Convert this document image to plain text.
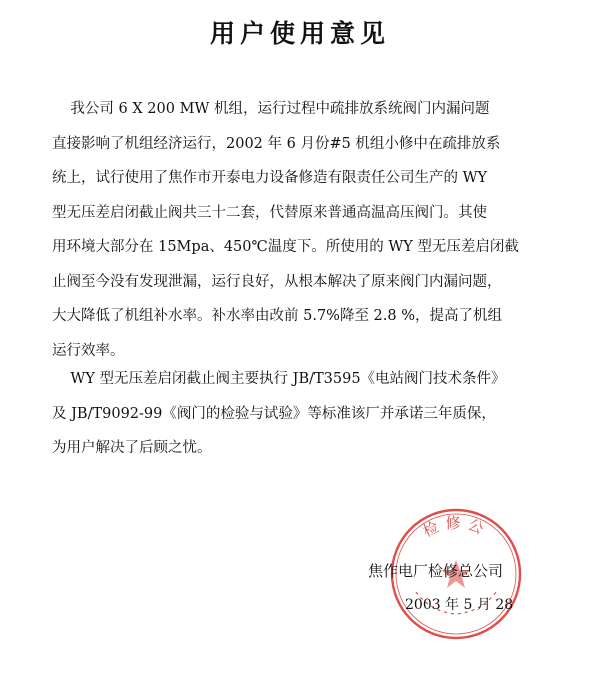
用户使用意见
我公司 6 X 200 MW 机组，运行过程中疏排放系统阀门内漏问题
直接影响了机组经济运行，2002 年 6 月份#5 机组小修中在疏排放系
统上，试行使用了焦作市开泰电力设备修造有限责任公司生产的 WY
型无压差启闭截止阀共三十二套，代替原来普通高温高压阀门。其使
用环境大部分在 15Mpa、450℃温度下。所使用的 WY 型无压差启闭截
止阀至今没有发现泄漏，运行良好，从根本解决了原来阀门内漏问题，
大大降低了机组补水率。补水率由改前 5.7%降至 2.8 %，提高了机组
运行效率。
WY 型无压差启闭截止阀主要执行 JB/T3595《电站阀门技术条件》
及 JB/T9092-99《阀门的检验与试验》等标准该厂并承诺三年质保，
为用户解决了后顾之忧。
检修公
焦作电厂检修总公司
2003 年 5 月 28
